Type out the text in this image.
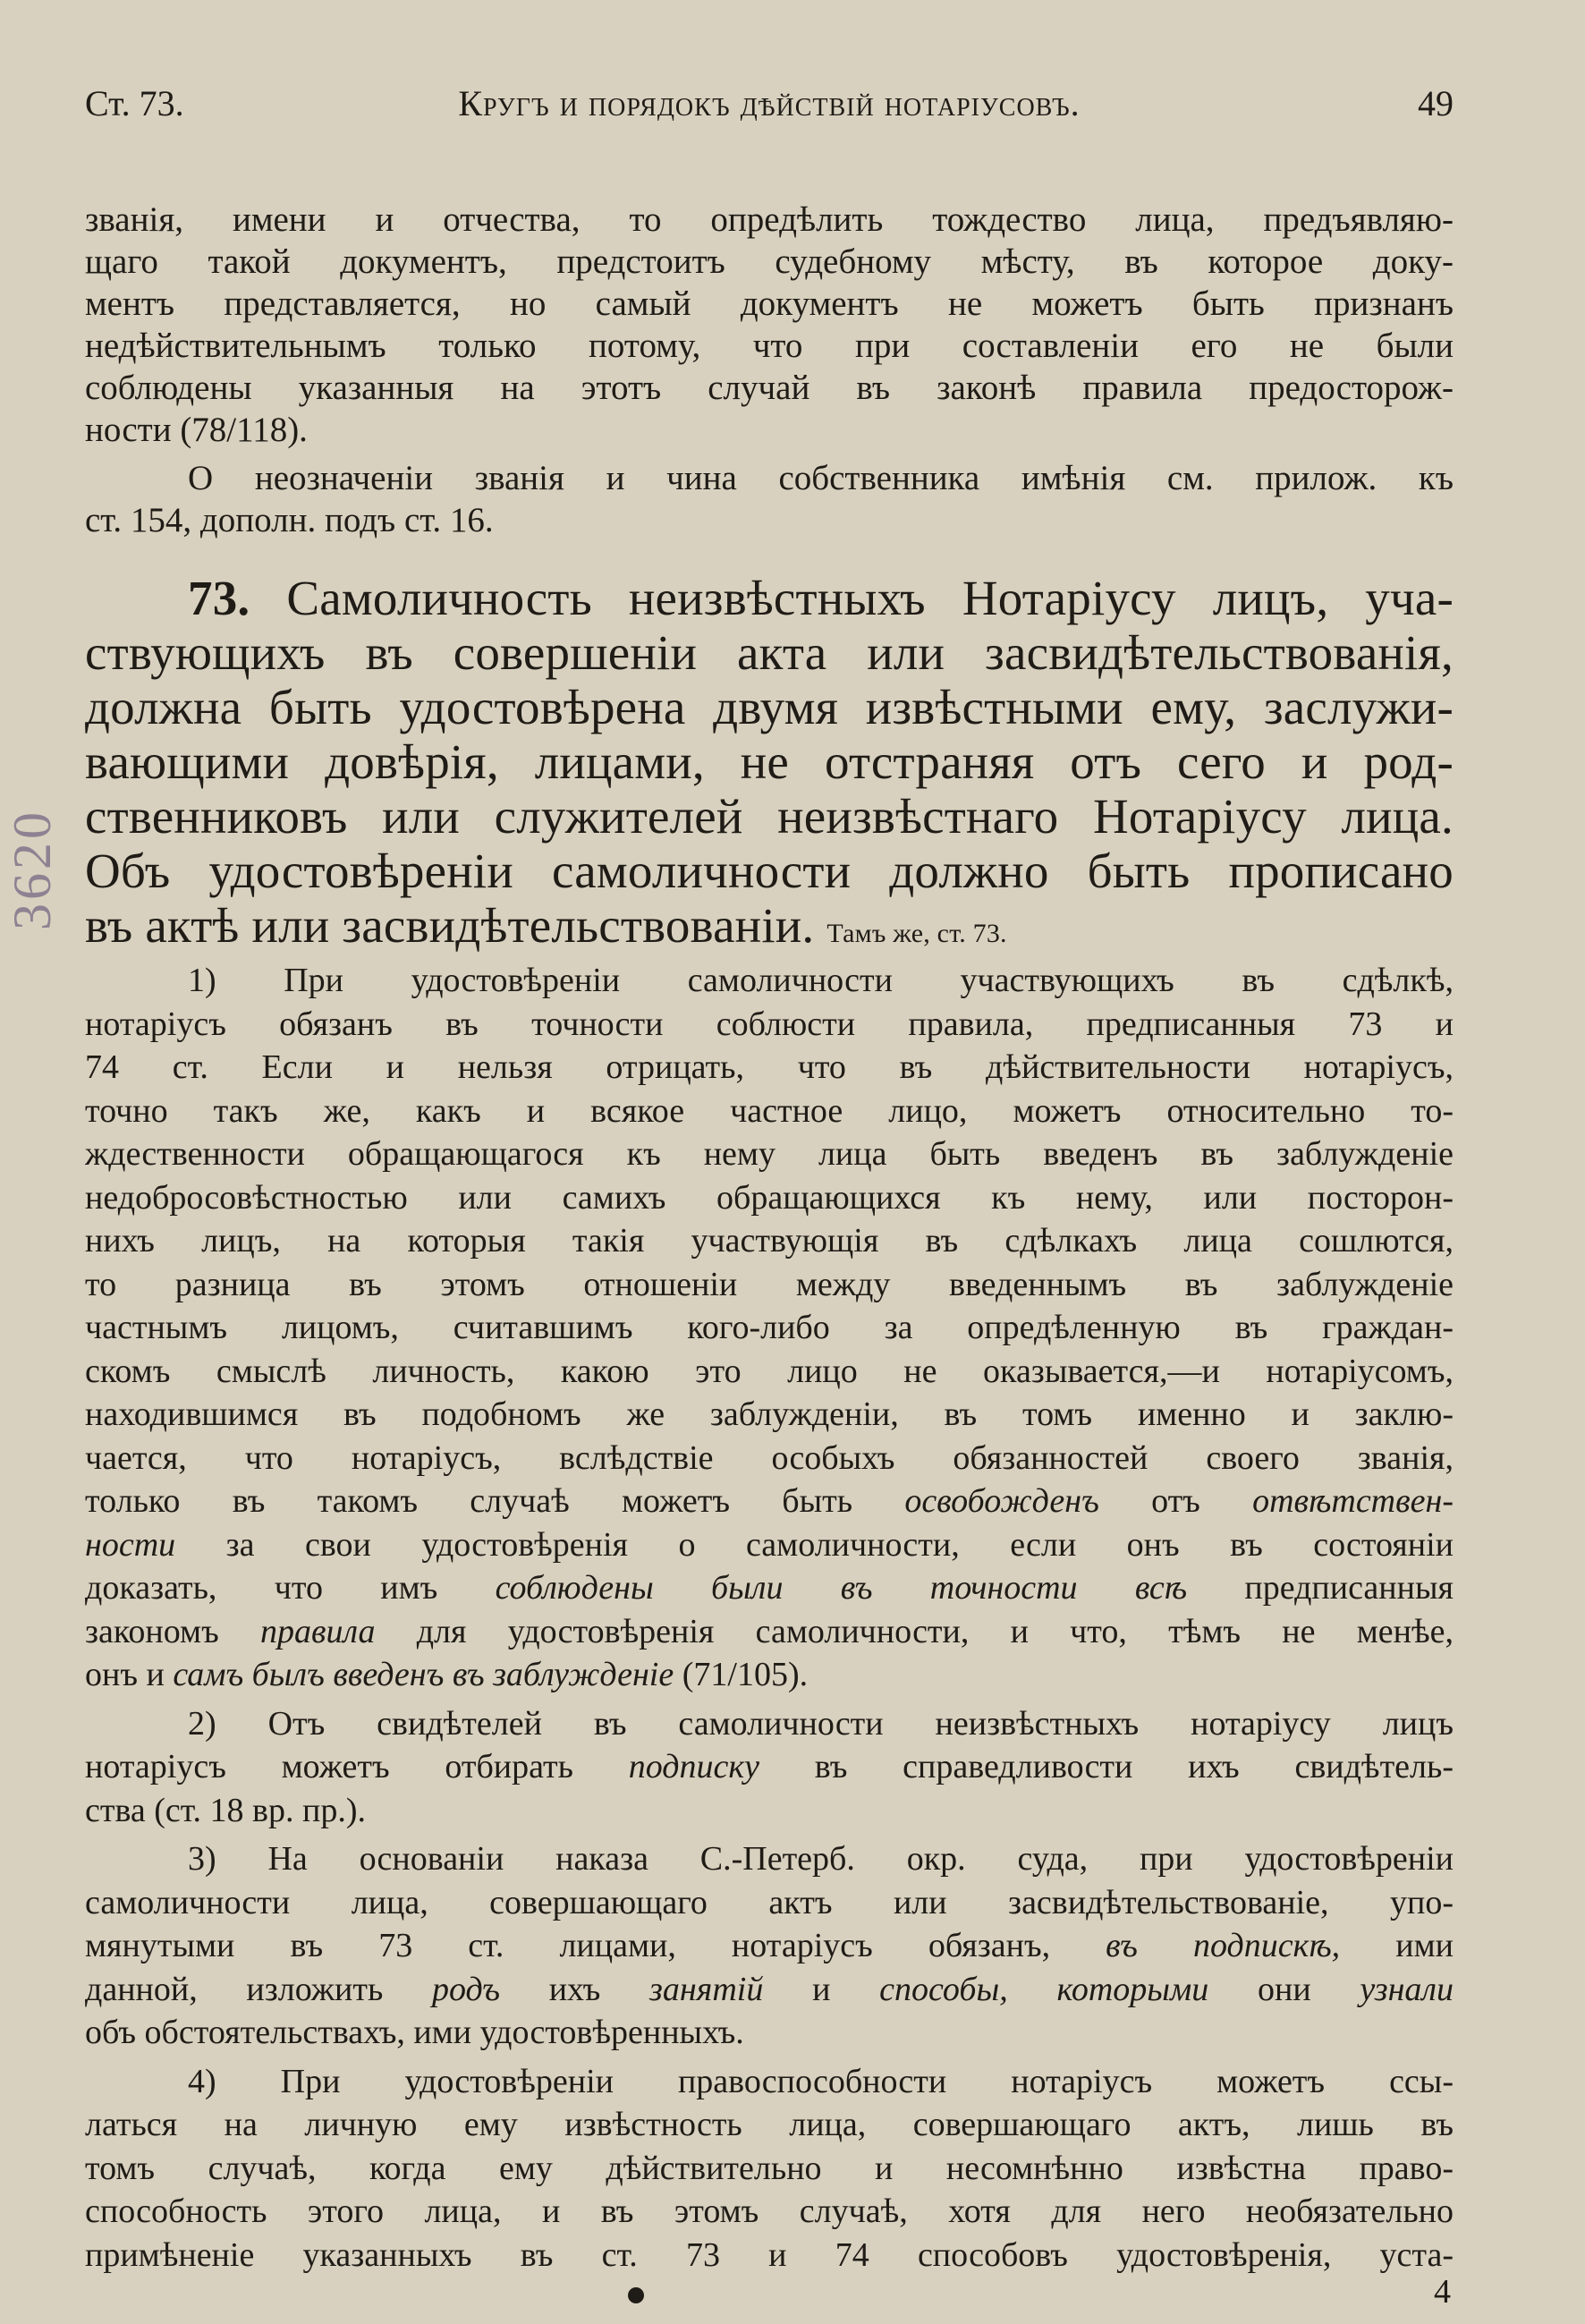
3620
Ст. 73.	Кругъ и порядокъ дѣйствій нотаріусовъ.	49
званія, имени и отчества, то опредѣлить тождество лица, предъявляю-
щаго такой документъ, предстоитъ судебному мѣсту, въ которое доку-
ментъ представляется, но самый документъ не можетъ быть признанъ
недѣйствительнымъ только потому, что при составленіи его не были
соблюдены указанныя на этотъ случай въ законѣ правила предосторож-
ности (78/118).
О неозначеніи званія и чина собственника имѣнія см. прилож. къ
ст. 154, дополн. подъ ст. 16.
73. Самоличность неизвѣстныхъ Нотаріусу лицъ, уча-
ствующихъ въ совершеніи акта или засвидѣтельствованія,
должна быть удостовѣрена двумя извѣстными ему, заслужи-
вающими довѣрія, лицами, не отстраняя отъ сего и род-
ственниковъ или служителей неизвѣстнаго Нотаріусу лица.
Объ удостовѣреніи самоличности должно быть прописано
въ актѣ или засвидѣтельствованіи. Тамъ же, ст. 73.
1) При удостовѣреніи самоличности участвующихъ въ сдѣлкѣ,
нотаріусъ обязанъ въ точности соблюсти правила, предписанныя 73 и
74 ст. Если и нельзя отрицать, что въ дѣйствительности нотаріусъ,
точно такъ же, какъ и всякое частное лицо, можетъ относительно то-
ждественности обращающагося къ нему лица быть введенъ въ заблужденіе
недобросовѣстностью или самихъ обращающихся къ нему, или посторон-
нихъ лицъ, на которыя такія участвующія въ сдѣлкахъ лица сошлются,
то разница въ этомъ отношеніи между введеннымъ въ заблужденіе
частнымъ лицомъ, считавшимъ кого-либо за опредѣленную въ граждан-
скомъ смыслѣ личность, какою это лицо не оказывается,—и нотаріусомъ,
находившимся въ подобномъ же заблужденіи, въ томъ именно и заклю-
чается, что нотаріусъ, вслѣдствіе особыхъ обязанностей своего званія,
только въ такомъ случаѣ можетъ быть освобожденъ отъ отвѣтствен-
ности за свои удостовѣренія о самоличности, если онъ въ состояніи
доказать, что имъ соблюдены были въ точности всѣ предписанныя
закономъ правила для удостовѣренія самоличности, и что, тѣмъ не менѣе,
онъ и самъ былъ введенъ въ заблужденіе (71/105).
2) Отъ свидѣтелей въ самоличности неизвѣстныхъ нотаріусу лицъ
нотаріусъ можетъ отбирать подписку въ справедливости ихъ свидѣтель-
ства (ст. 18 вр. пр.).
3) На основаніи наказа С.-Петерб. окр. суда, при удостовѣреніи
самоличности лица, совершающаго актъ или засвидѣтельствованіе, упо-
мянутыми въ 73 ст. лицами, нотаріусъ обязанъ, въ подпискѣ, ими
данной, изложить родъ ихъ занятій и способы, которыми они узнали
объ обстоятельствахъ, ими удостовѣренныхъ.
4) При удостовѣреніи правоспособности нотаріусъ можетъ ссы-
латься на личную ему извѣстность лица, совершающаго актъ, лишь въ
томъ случаѣ, когда ему дѣйствительно и несомнѣнно извѣстна право-
способность этого лица, и въ этомъ случаѣ, хотя для него необязательно
примѣненіе указанныхъ въ ст. 73 и 74 способовъ удостовѣренія, уста-
4
